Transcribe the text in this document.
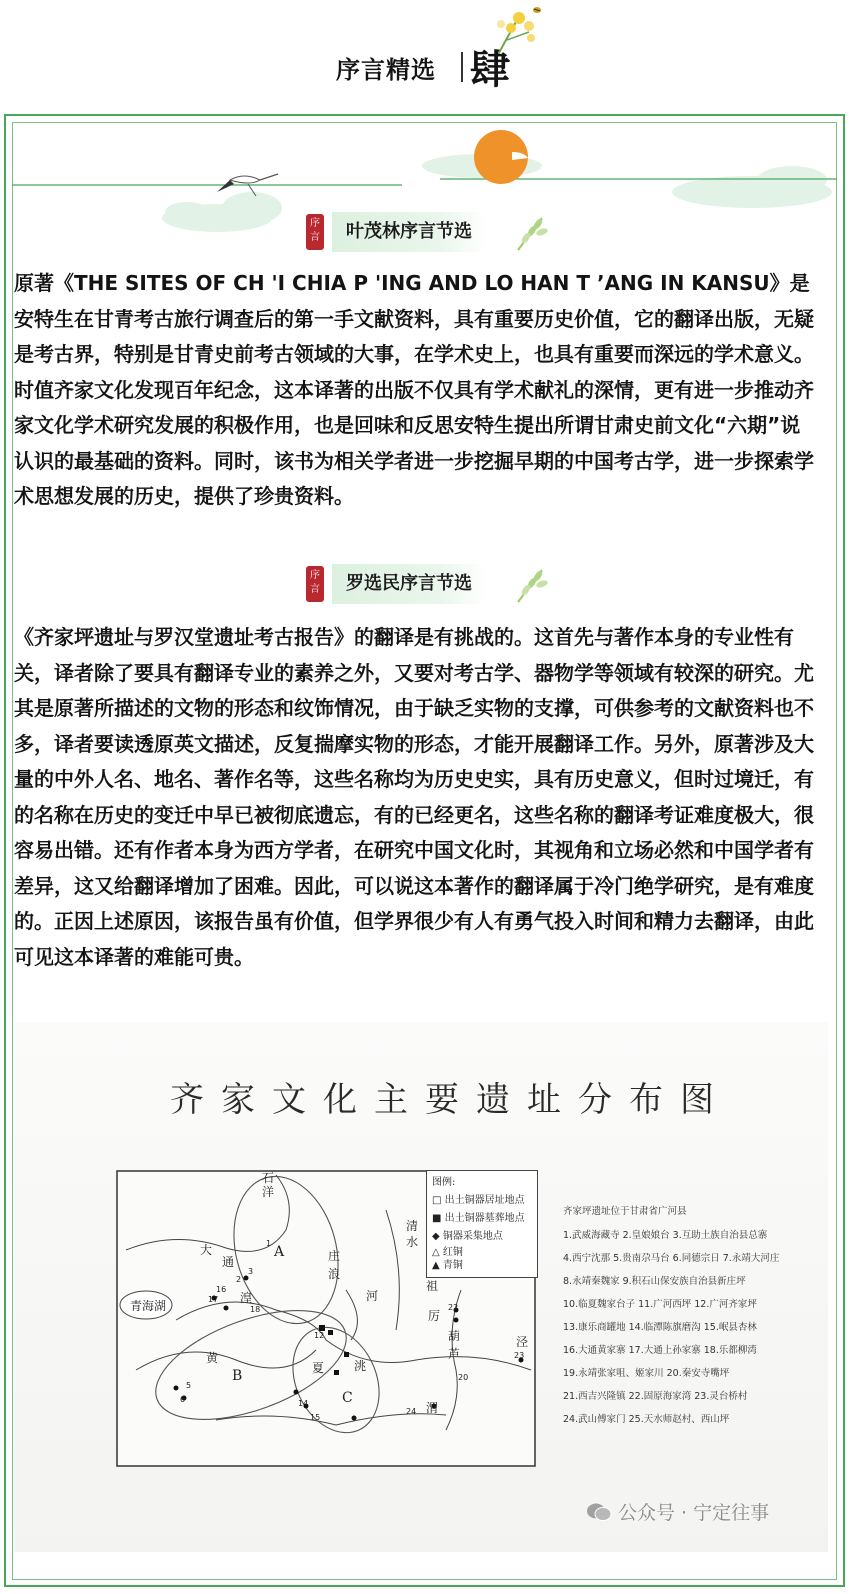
序言精选 肆
序言	叶茂林序言节选

原著《THE SITES OF CH 'I CHIA P 'ING AND LO HAN T ’ANG IN KANSU》是安特生在甘青考古旅行调查后的第一手文献资料，具有重要历史价值，它的翻译出版，无疑是考古界，特别是甘青史前考古领域的大事，在学术史上，也具有重要而深远的学术意义。时值齐家文化发现百年纪念，这本译著的出版不仅具有学术献礼的深情，更有进一步推动齐家文化学术研究发展的积极作用，也是回味和反思安特生提出所谓甘肃史前文化“六期”说认识的最基础的资料。同时，该书为相关学者进一步挖掘早期的中国考古学，进一步探索学术思想发展的历史，提供了珍贵资料。

序言	罗选民序言节选

《齐家坪遗址与罗汉堂遗址考古报告》的翻译是有挑战的。这首先与著作本身的专业性有关，译者除了要具有翻译专业的素养之外，又要对考古学、器物学等领域有较深的研究。尤其是原著所描述的文物的形态和纹饰情况，由于缺乏实物的支撑，可供参考的文献资料也不多，译者要读透原英文描述，反复揣摩实物的形态，才能开展翻译工作。另外，原著涉及大量的中外人名、地名、著作名等，这些名称均为历史史实，具有历史意义，但时过境迁，有的名称在历史的变迁中早已被彻底遗忘，有的已经更名，这些名称的翻译考证难度极大，很容易出错。还有作者本身为西方学者，在研究中国文化时，其视角和立场必然和中国学者有差异，这又给翻译增加了困难。因此，可以说这本著作的翻译属于冷门绝学研究，是有难度的。正因上述原因，该报告虽有价值，但学界很少有人有勇气投入时间和精力去翻译，由此可见这本译著的难能可贵。

齐家文化主要遗址分布图
青海湖
A
B
C
黄
大
通	庄
浪
清
水
河
祖
厉
葫
芦
洮
夏
渭
泾
石
洋
湟
1
2
3
5
6
12
14
15
16
17
18	22
20
23
24
图例:
□ 出土铜器居址地点
■ 出土铜器墓葬地点
◆ 铜器采集地点
△ 红铜
▲ 青铜
齐家坪遗址位于甘肃省广河县
1.武威海藏寺 2.皇娘娘台 3.互助土族自治县总寨
4.西宁沈那 5.贵南尕马台 6.同德宗日 7.永靖大河庄
8.永靖秦魏家 9.积石山保安族自治县新庄坪
10.临夏魏家台子 11.广河西坪 12.广河齐家坪
13.康乐商罐地 14.临潭陈旗磨沟 15.岷县杏林
16.大通黄家寨 17.大通上孙家寨 18.乐都柳湾
19.永靖张家咀、姬家川 20.秦安寺嘴坪
21.西吉兴隆镇 22.固原海家湾 23.灵台桥村
24.武山傅家门 25.天水师赵村、西山坪
公众号 · 宁定往事
